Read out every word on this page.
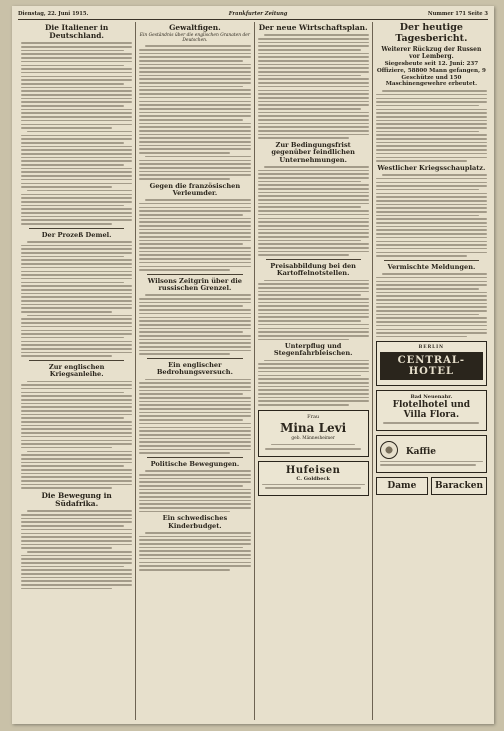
Dienstag, 22. Juni 1915.	Frankfurter Zeitung	Nummer 171 Seite 3
Die Italiener in Deutschland.
Der Prozeß Demel.
Zur englischen Kriegsanleihe.
Die Bewegung in Südafrika.
Gewaltfigen.
Ein Geständnis über die englischen Granaten der Deutschen.
Gegen die französischen Verleumder.
Wilsons Zeitgrin über die russischen Grenzel.
Ein englischer Bedrohungsversuch.
Politische Bewegungen.
Ein schwedisches Kinderbudget.
Der neue Wirtschaftsplan.
Zur Bedingungsfrist gegenüber feindlichen Unternehmungen.
Preisabbildung bei den Kartoffelnotstellen.
Unterpflug und Stegenfahrbleischen.
Frau
Mina Levi
geb. Männesheimer
Hufeisen
C. Goldbeck
Der heutige Tagesbericht.
Weiterer Rückzug der Russen vor Lemberg.
Siegesbeute seit 12. Juni: 237 Offiziere, 58800 Mann gefangen, 9 Geschütze und 150 Maschinengewehre erbeutet.
Westlicher Kriegsschauplatz.
Vermischte Meldungen.
BERLIN
CENTRAL-HOTEL
Bad Neuenahr.
Flotelhotel und Villa Flora.
Kaffie
Dame	Baracken
